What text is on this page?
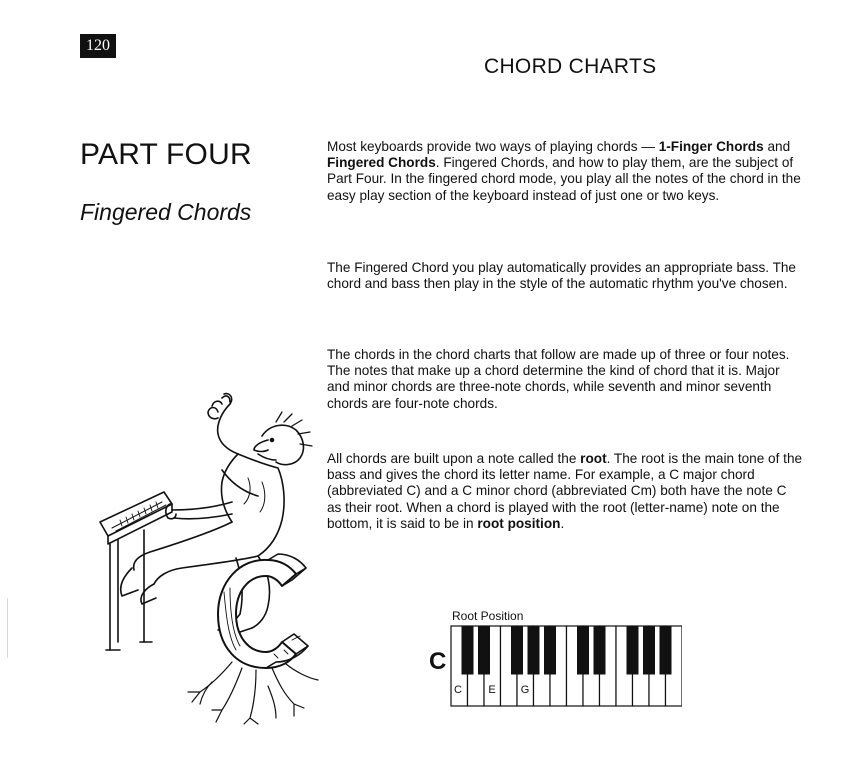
120
CHORD CHARTS
PART FOUR
Fingered Chords

Most keyboards provide two ways of playing chords — 1-Finger Chords and Fingered Chords. Fingered Chords, and how to play them, are the subject of Part Four. In the fingered chord mode, you play all the notes of the chord in the easy play section of the keyboard instead of just one or two keys.

The Fingered Chord you play automatically provides an appropriate bass. The chord and bass then play in the style of the automatic rhythm you've chosen.

The chords in the chord charts that follow are made up of three or four notes. The notes that make up a chord determine the kind of chord that it is. Major and minor chords are three-note chords, while seventh and minor seventh chords are four-note chords.

All chords are built upon a note called the root. The root is the main tone of the bass and gives the chord its letter name. For example, a C major chord (abbreviated C) and a C minor chord (abbreviated Cm) both have the note C as their root. When a chord is played with the root (letter-name) note on the bottom, it is said to be in root position.

Root Position
C
C E G
